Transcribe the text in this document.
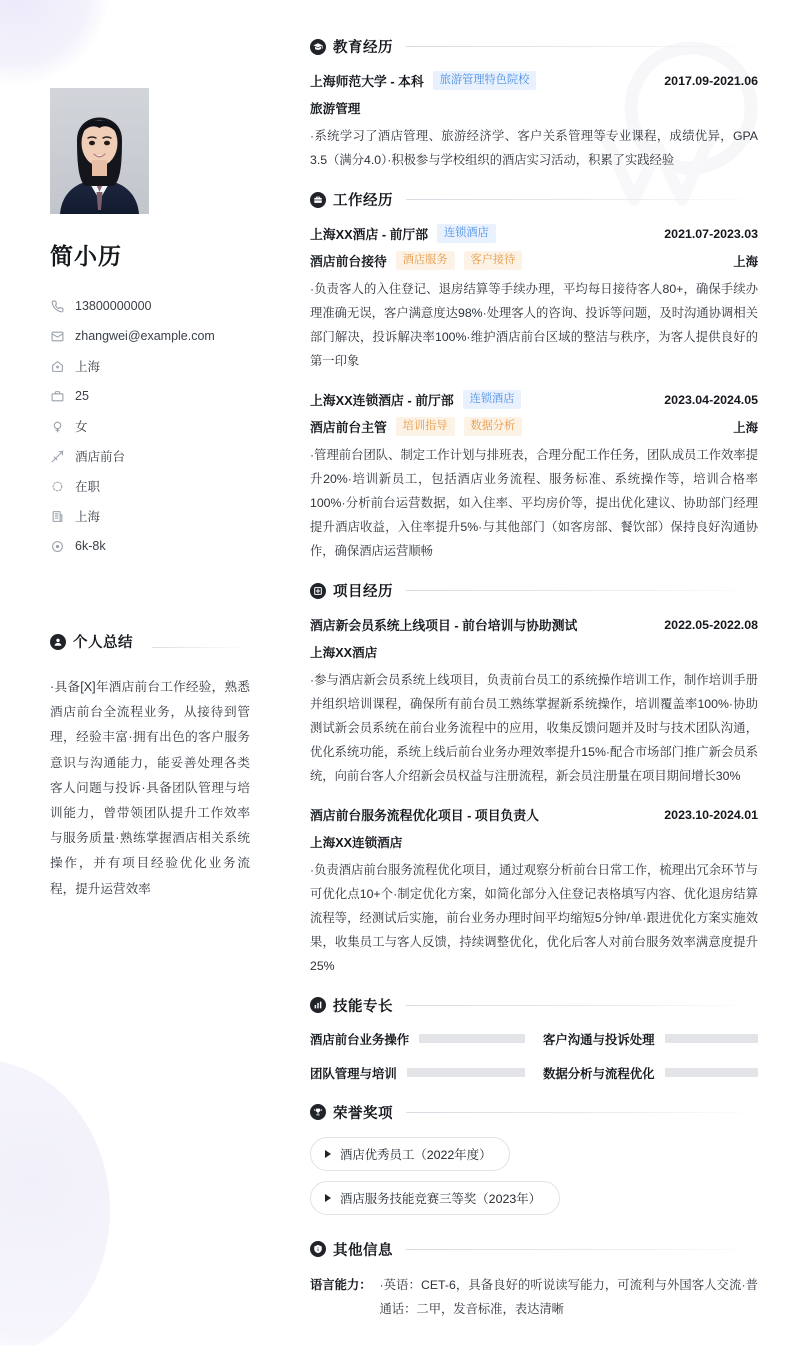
简小历
13800000000
zhangwei@example.com
上海
25
女
酒店前台
在职
上海
6k-8k
个人总结

·具备[X]年酒店前台工作经验，熟悉酒店前台全流程业务，从接待到管理，经验丰富·拥有出色的客户服务意识与沟通能力，能妥善处理各类客人问题与投诉·具备团队管理与培训能力，曾带领团队提升工作效率与服务质量·熟练掌握酒店相关系统操作，并有项目经验优化业务流程，提升运营效率

教育经历
上海师范大学 - 本科	旅游管理特色院校	2017.09-2021.06
旅游管理

·系统学习了酒店管理、旅游经济学、客户关系管理等专业课程，成绩优异，GPA 3.5（满分4.0）·积极参与学校组织的酒店实习活动，积累了实践经验

工作经历
上海XX酒店 - 前厅部	连锁酒店	2021.07-2023.03
酒店前台接待	酒店服务	客户接待	上海

·负责客人的入住登记、退房结算等手续办理，平均每日接待客人80+，确保手续办理准确无误，客户满意度达98%·处理客人的咨询、投诉等问题，及时沟通协调相关部门解决，投诉解决率100%·维护酒店前台区域的整洁与秩序，为客人提供良好的第一印象

上海XX连锁酒店 - 前厅部	连锁酒店	2023.04-2024.05
酒店前台主管	培训指导	数据分析	上海

·管理前台团队、制定工作计划与排班表，合理分配工作任务，团队成员工作效率提升20%·培训新员工，包括酒店业务流程、服务标准、系统操作等，培训合格率100%·分析前台运营数据，如入住率、平均房价等，提出优化建议、协助部门经理提升酒店收益，入住率提升5%·与其他部门（如客房部、餐饮部）保持良好沟通协作，确保酒店运营顺畅

项目经历
酒店新会员系统上线项目 - 前台培训与协助测试	2022.05-2022.08
上海XX酒店

·参与酒店新会员系统上线项目，负责前台员工的系统操作培训工作，制作培训手册并组织培训课程，确保所有前台员工熟练掌握新系统操作，培训覆盖率100%·协助测试新会员系统在前台业务流程中的应用，收集反馈问题并及时与技术团队沟通，优化系统功能，系统上线后前台业务办理效率提升15%·配合市场部门推广新会员系统，向前台客人介绍新会员权益与注册流程，新会员注册量在项目期间增长30%

酒店前台服务流程优化项目 - 项目负责人	2023.10-2024.01
上海XX连锁酒店

·负责酒店前台服务流程优化项目，通过观察分析前台日常工作，梳理出冗余环节与可优化点10+个·制定优化方案，如简化部分入住登记表格填写内容、优化退房结算流程等，经测试后实施，前台业务办理时间平均缩短5分钟/单·跟进优化方案实施效果，收集员工与客人反馈，持续调整优化，优化后客人对前台服务效率满意度提升25%

技能专长
酒店前台业务操作	客户沟通与投诉处理
团队管理与培训	数据分析与流程优化
荣誉奖项
酒店优秀员工（2022年度）
酒店服务技能竞赛三等奖（2023年）
其他信息
语言能力： ·英语：CET-6，具备良好的听说读写能力，可流利与外国客人交流·普通话：二甲，发音标准，表达清晰
